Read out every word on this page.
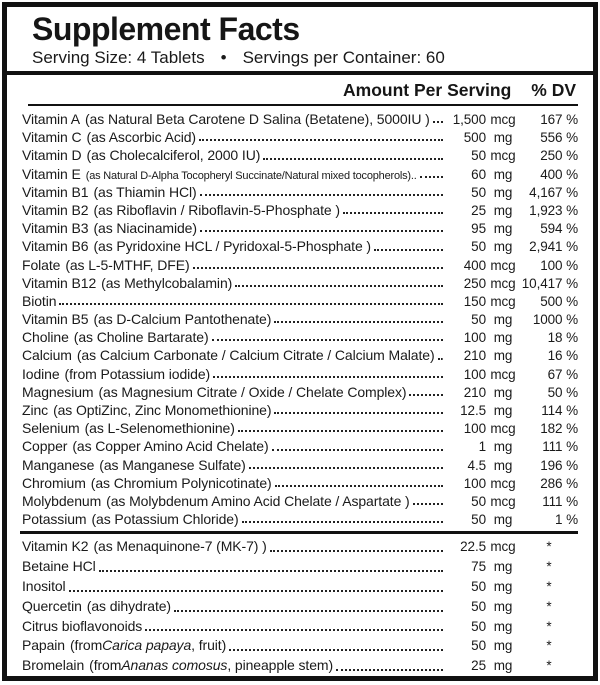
Supplement Facts
Serving Size: 4 Tablets • Servings per Container: 60
Amount Per Serving % DV
Vitamin A (as Natural Beta Carotene D Salina (Betatene), 5000IU )	1,500 mcg	167 %
Vitamin C (as Ascorbic Acid)	500 mg	556 %
Vitamin D (as Cholecalciferol, 2000 IU)	50 mcg	250 %
Vitamin E (as Natural D-Alpha Tocopheryl Succinate/Natural mixed tocopherols)..	60 mg	400 %
Vitamin B1 (as Thiamin HCl)	50 mg	4,167 %
Vitamin B2 (as Riboflavin / Riboflavin-5-Phosphate )	25 mg	1,923 %
Vitamin B3 (as Niacinamide)	95 mg	594 %
Vitamin B6 (as Pyridoxine HCL / Pyridoxal-5-Phosphate )	50 mg	2,941 %
Folate (as L-5-MTHF, DFE)	400 mcg	100 %
Vitamin B12 (as Methylcobalamin)	250 mcg 10,417 %
Biotin	150 mcg	500 %
Vitamin B5 (as D-Calcium Pantothenate)	50 mg	1000 %
Choline (as Choline Bartarate)	100 mg	18 %
Calcium (as Calcium Carbonate / Calcium Citrate / Calcium Malate)	210 mg	16 %
Iodine (from Potassium iodide)	100 mcg	67 %
Magnesium (as Magnesium Citrate / Oxide / Chelate Complex)	210 mg	50 %
Zinc (as OptiZinc, Zinc Monomethionine)	12.5 mg	114 %
Selenium (as L-Selenomethionine)	100 mcg	182 %
Copper (as Copper Amino Acid Chelate)	1 mg	111 %
Manganese (as Manganese Sulfate)	4.5 mg	196 %
Chromium (as Chromium Polynicotinate)	100 mcg	286 %
Molybdenum (as Molybdenum Amino Acid Chelate / Aspartate )	50 mcg	111 %
Potassium (as Potassium Chloride)	50 mg	1 %
Vitamin K2 (as Menaquinone-7 (MK-7) )	22.5 mcg	*
Betaine HCl	75 mg	*
Inositol	50 mg	*
Quercetin (as dihydrate)	50 mg	*
Citrus bioflavonoids	50 mg	*
Papain (from Carica papaya , fruit)	50 mg	*
Bromelain (from Ananas comosus , pineapple stem)	25 mg	*
